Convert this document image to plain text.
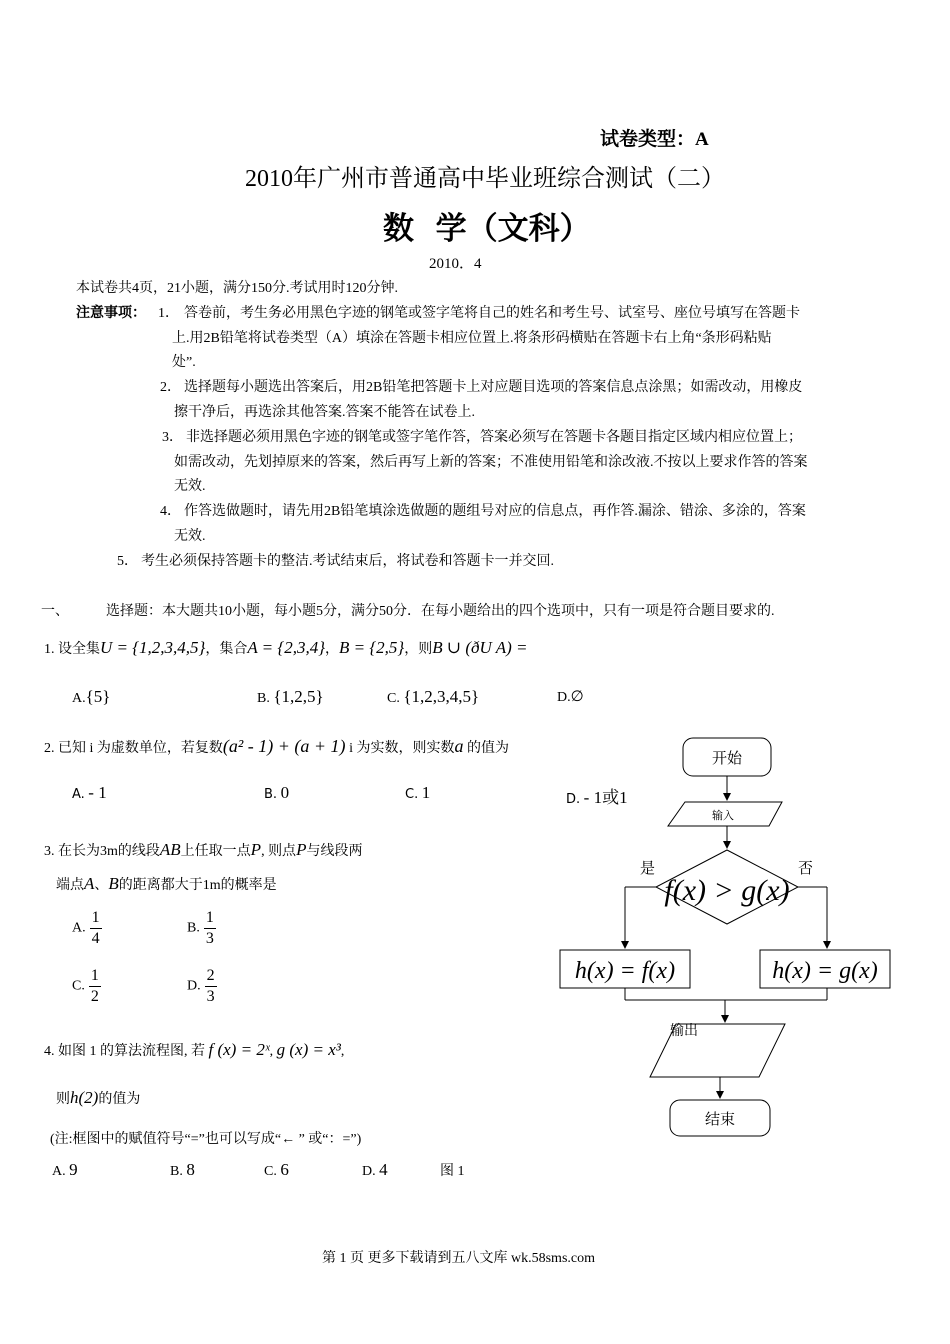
试卷类型：A
2010年广州市普通高中毕业班综合测试（二）
数  学（文科）
2010．4
本试卷共4页，21小题，满分150分.考试用时120分钟.
注意事项： 1． 答卷前，考生务必用黑色字迹的钢笔或签字笔将自己的姓名和考生号、试室号、座位号填写在答题卡
上.用2B铅笔将试卷类型（A）填涂在答题卡相应位置上.将条形码横贴在答题卡右上角“条形码粘贴
处”.
2． 选择题每小题选出答案后，用2B铅笔把答题卡上对应题目选项的答案信息点涂黑；如需改动，用橡皮
擦干净后，再选涂其他答案.答案不能答在试卷上.
3． 非选择题必须用黑色字迹的钢笔或签字笔作答，答案必须写在答题卡各题目指定区域内相应位置上；
如需改动，先划掉原来的答案，然后再写上新的答案；不准使用铅笔和涂改液.不按以上要求作答的答案
无效.
4． 作答选做题时，请先用2B铅笔填涂选做题的题组号对应的信息点，再作答.漏涂、错涂、多涂的，答案
无效.
5． 考生必须保持答题卡的整洁.考试结束后，将试卷和答题卡一并交回.
一、	选择题：本大题共10小题，每小题5分，满分50分．在每小题给出的四个选项中，只有一项是符合题目要求的.
1. 设全集U = {1,2,3,4,5}，集合A = {2,3,4}，B = {2,5}，则B ∪ (ðU A) =
A.{5}	B. {1,2,5}	C. {1,2,3,4,5}	D.∅
2. 已知 i 为虚数单位，若复数(a² - 1) + (a + 1) i 为实数，则实数a 的值为
A. - 1	B. 0	C. 1	D. - 1或1
3. 在长为3m的线段AB上任取一点P, 则点P与线段两
端点A、B的距离都大于1m的概率是
A. $\frac{1}{4}$	B. $\frac{1}{3}$
C. $\frac{1}{2}$	D. $\frac{2}{3}$
4. 如图 1 的算法流程图, 若 f (x) = 2ˣ, g (x) = x³,
则h(2)的值为
(注:框图中的赋值符号“=”也可以写成“← ” 或“：=”)
A. 9	B. 8	C. 6	D. 4	图 1
开始
输入
f(x) > g(x)
是	否
h(x) = f(x)	h(x) = g(x)
输出
结束
第 1 页 更多下载请到五八文库 wk.58sms.com
